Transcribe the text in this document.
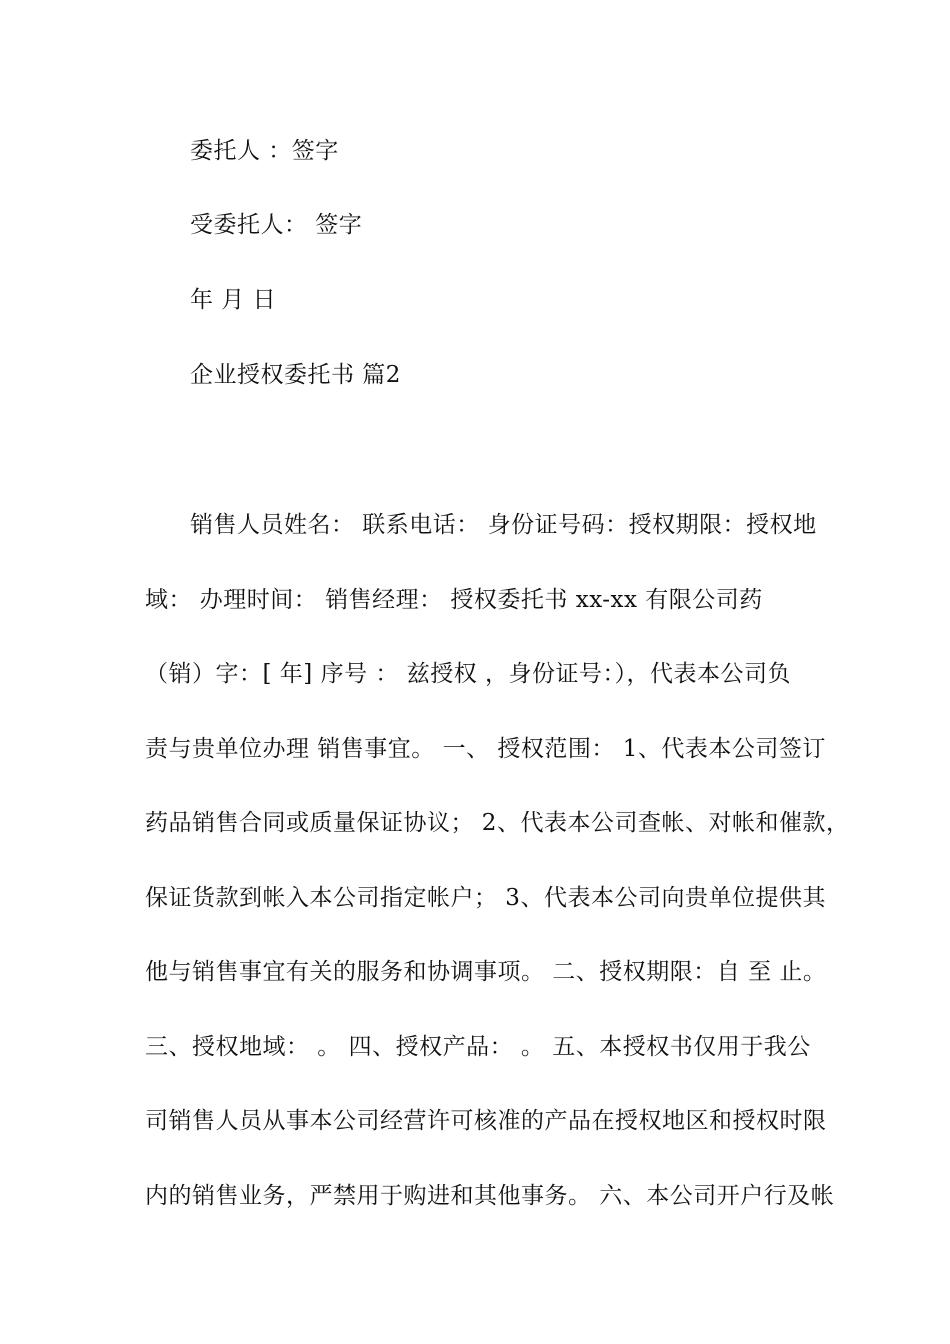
委托人 ：签字
受委托人： 签字
年 月 日
企业授权委托书 篇2
销售人员姓名： 联系电话： 身份证号码：授权期限：授权地
域： 办理时间： 销售经理： 授权委托书 xx-xx 有限公司药
（销）字：[ 年] 序号 ： 兹授权 ，身份证号：），代表本公司负
责与贵单位办理 销售事宜。 一、 授权范围： 1、代表本公司签订
药品销售合同或质量保证协议； 2、代表本公司查帐、对帐和催款，
保证货款到帐入本公司指定帐户； 3、代表本公司向贵单位提供其
他与销售事宜有关的服务和协调事项。 二、授权期限：自 至 止。
三、授权地域： 。 四、授权产品： 。 五、本授权书仅用于我公
司销售人员从事本公司经营许可核准的产品在授权地区和授权时限
内的销售业务，严禁用于购进和其他事务。 六、本公司开户行及帐
